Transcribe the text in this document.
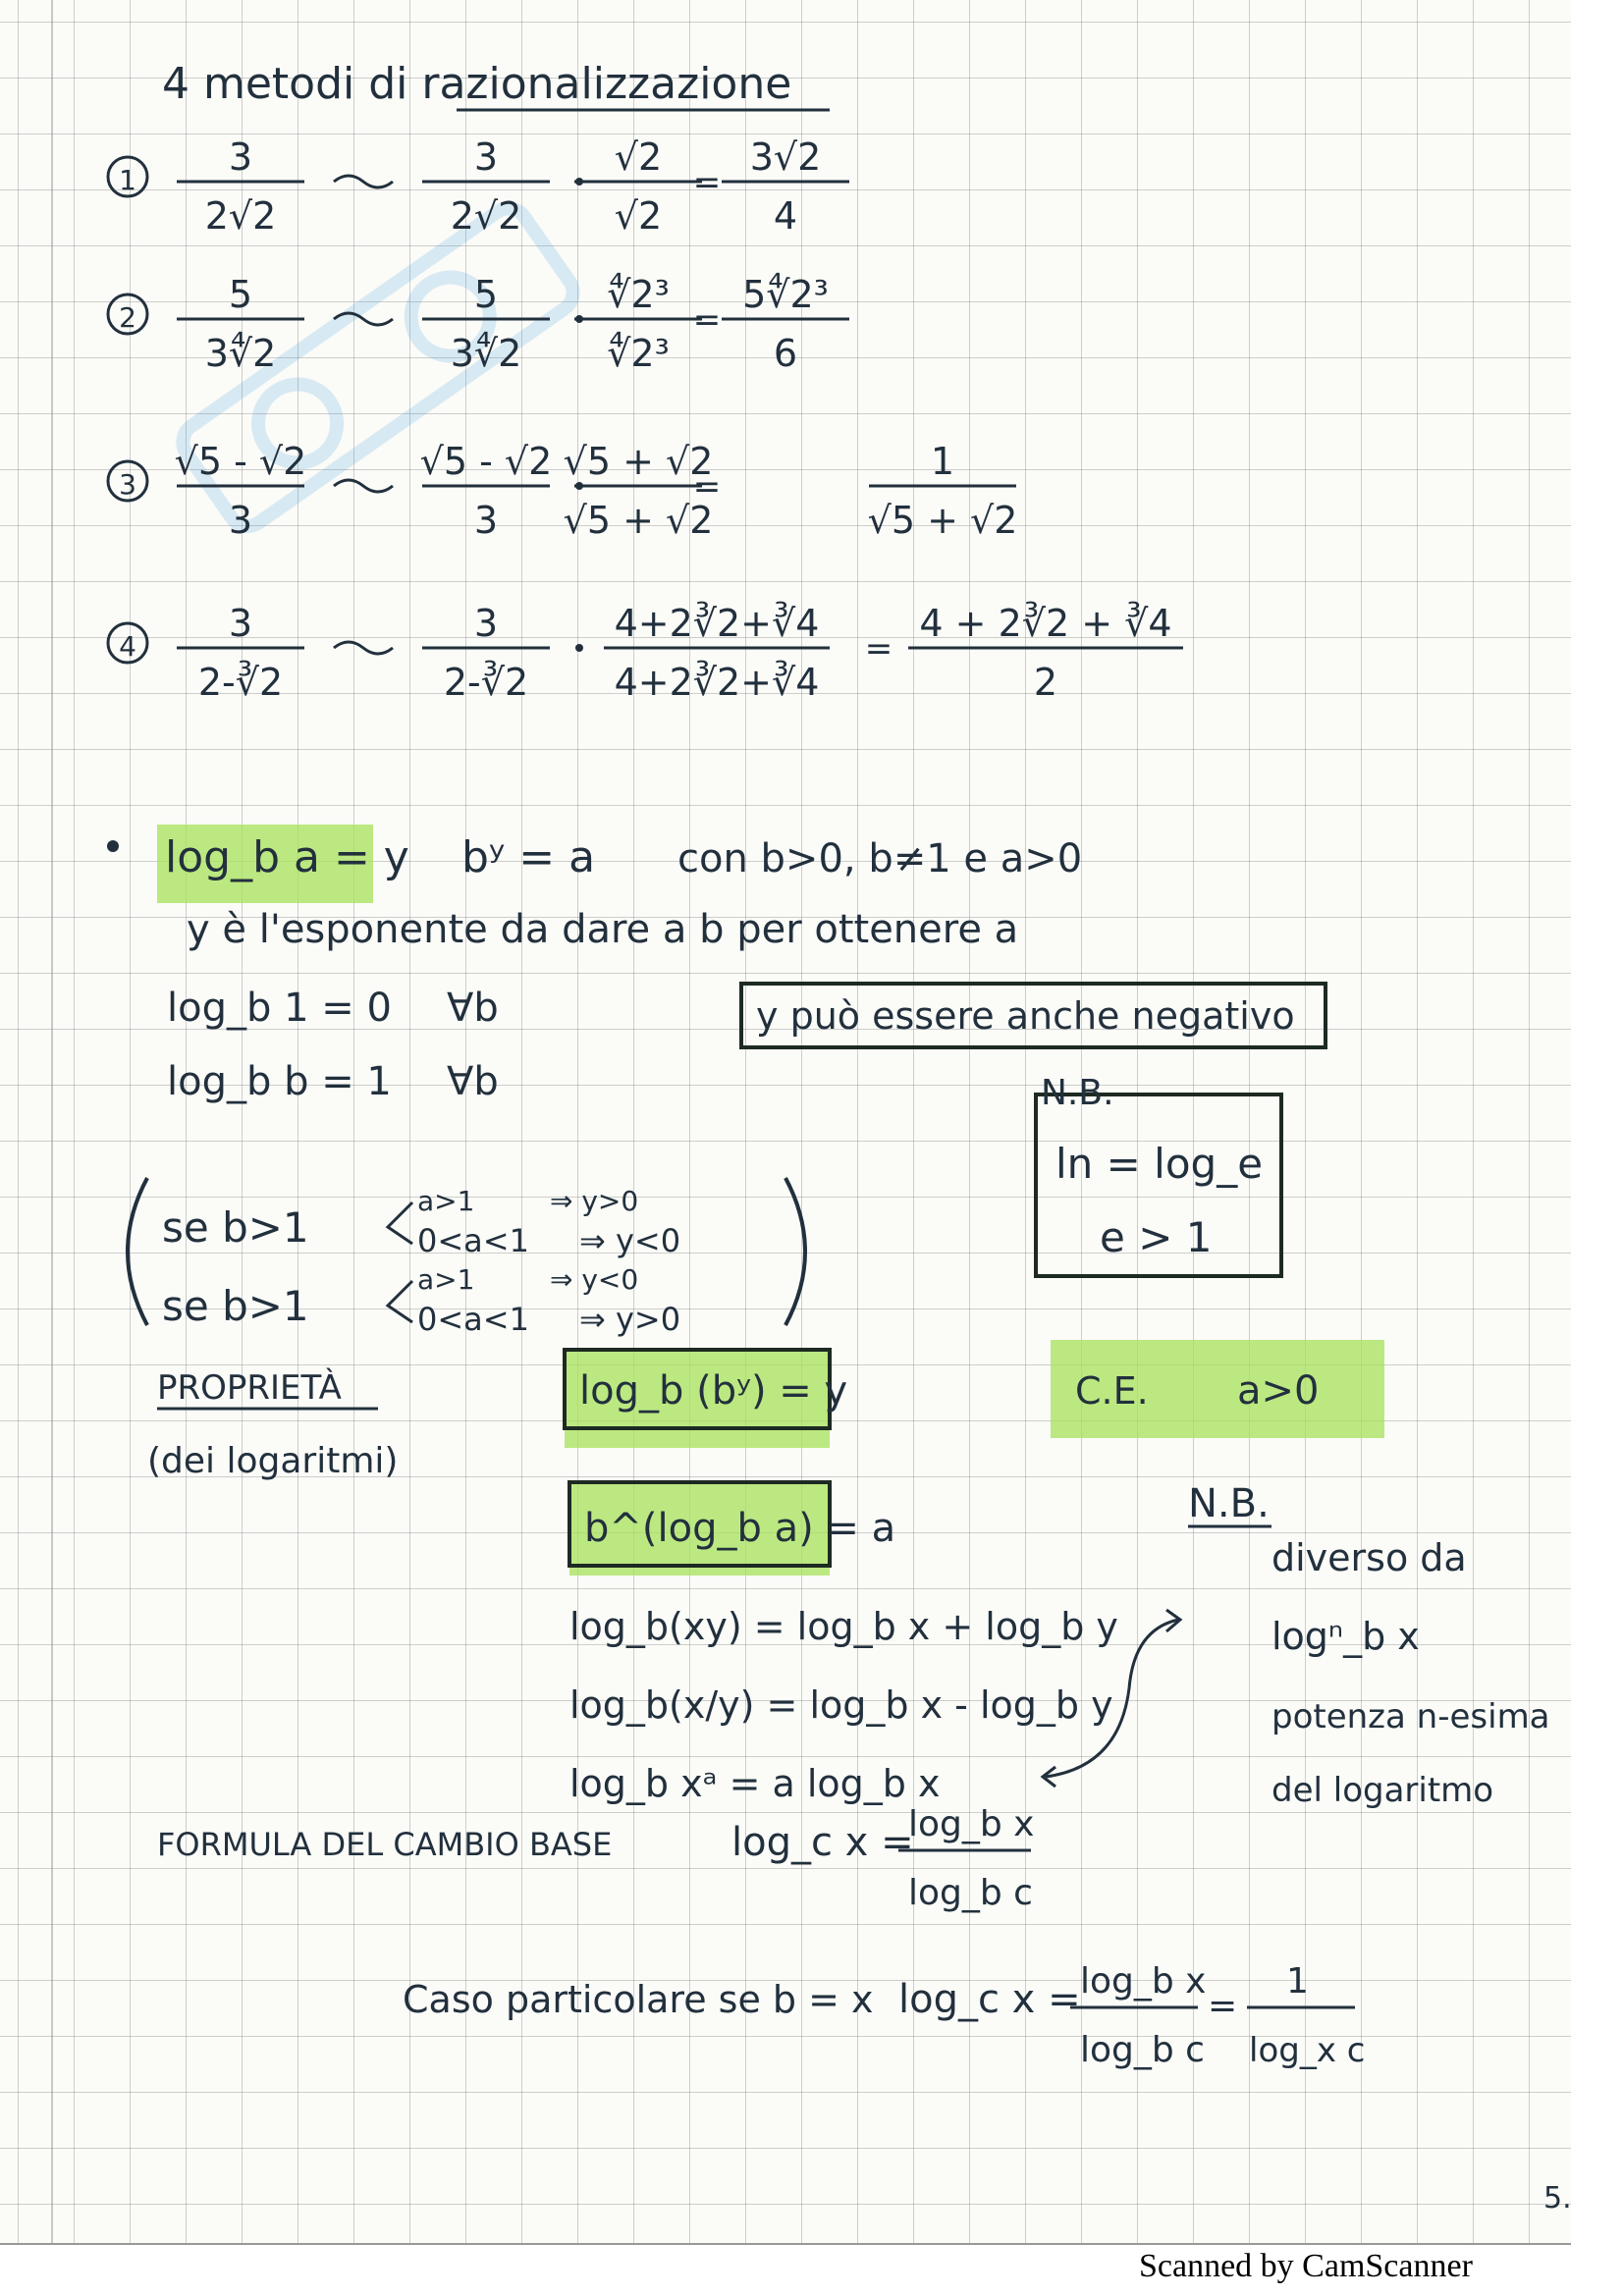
4 metodi di razionalizzazione
1
3
2√2
3
2√2
√2
√2
=
3√2
4
2
5
3∜2
5
3∜2
∜2³
∜2³
=
5∜2³
6
3
√5 - √2
3
√5 - √2
3
√5 + √2
√5 + √2
=
1
√5 + √2
4
3
2-∛2
3
2-∛2
4+2∛2+∛4
4+2∛2+∛4
=
4 + 2∛2 + ∛4
2
log_b a = y bʸ = a con b>0, b≠1 e a>0
y è l'esponente da dare a b per ottenere a
log_b 1 = 0 ∀b
log_b b = 1 ∀b
y può essere anche negativo
N.B.
ln = log_e
e > 1
se b>1
a>1	⇒ y>0
0<a<1 ⇒ y<0
se b>1
a>1	⇒ y<0
0<a<1 ⇒ y>0
PROPRIETÀ
(dei logaritmi)
log_b (bʸ) = y
b^(log_b a) = a
C.E. a>0
log_b(xy) = log_b x + log_b y
log_b(x/y) = log_b x - log_b y
log_b xᵃ = a log_b x
N.B.
diverso da
logⁿ_b x
potenza n-esima
del logaritmo
FORMULA DEL CAMBIO BASE	log_c x =
log_b x
log_b c
Caso particolare se b = x log_c x = log_b x
log_b c
=
1
log_x c
5.
Scanned by CamScanner
